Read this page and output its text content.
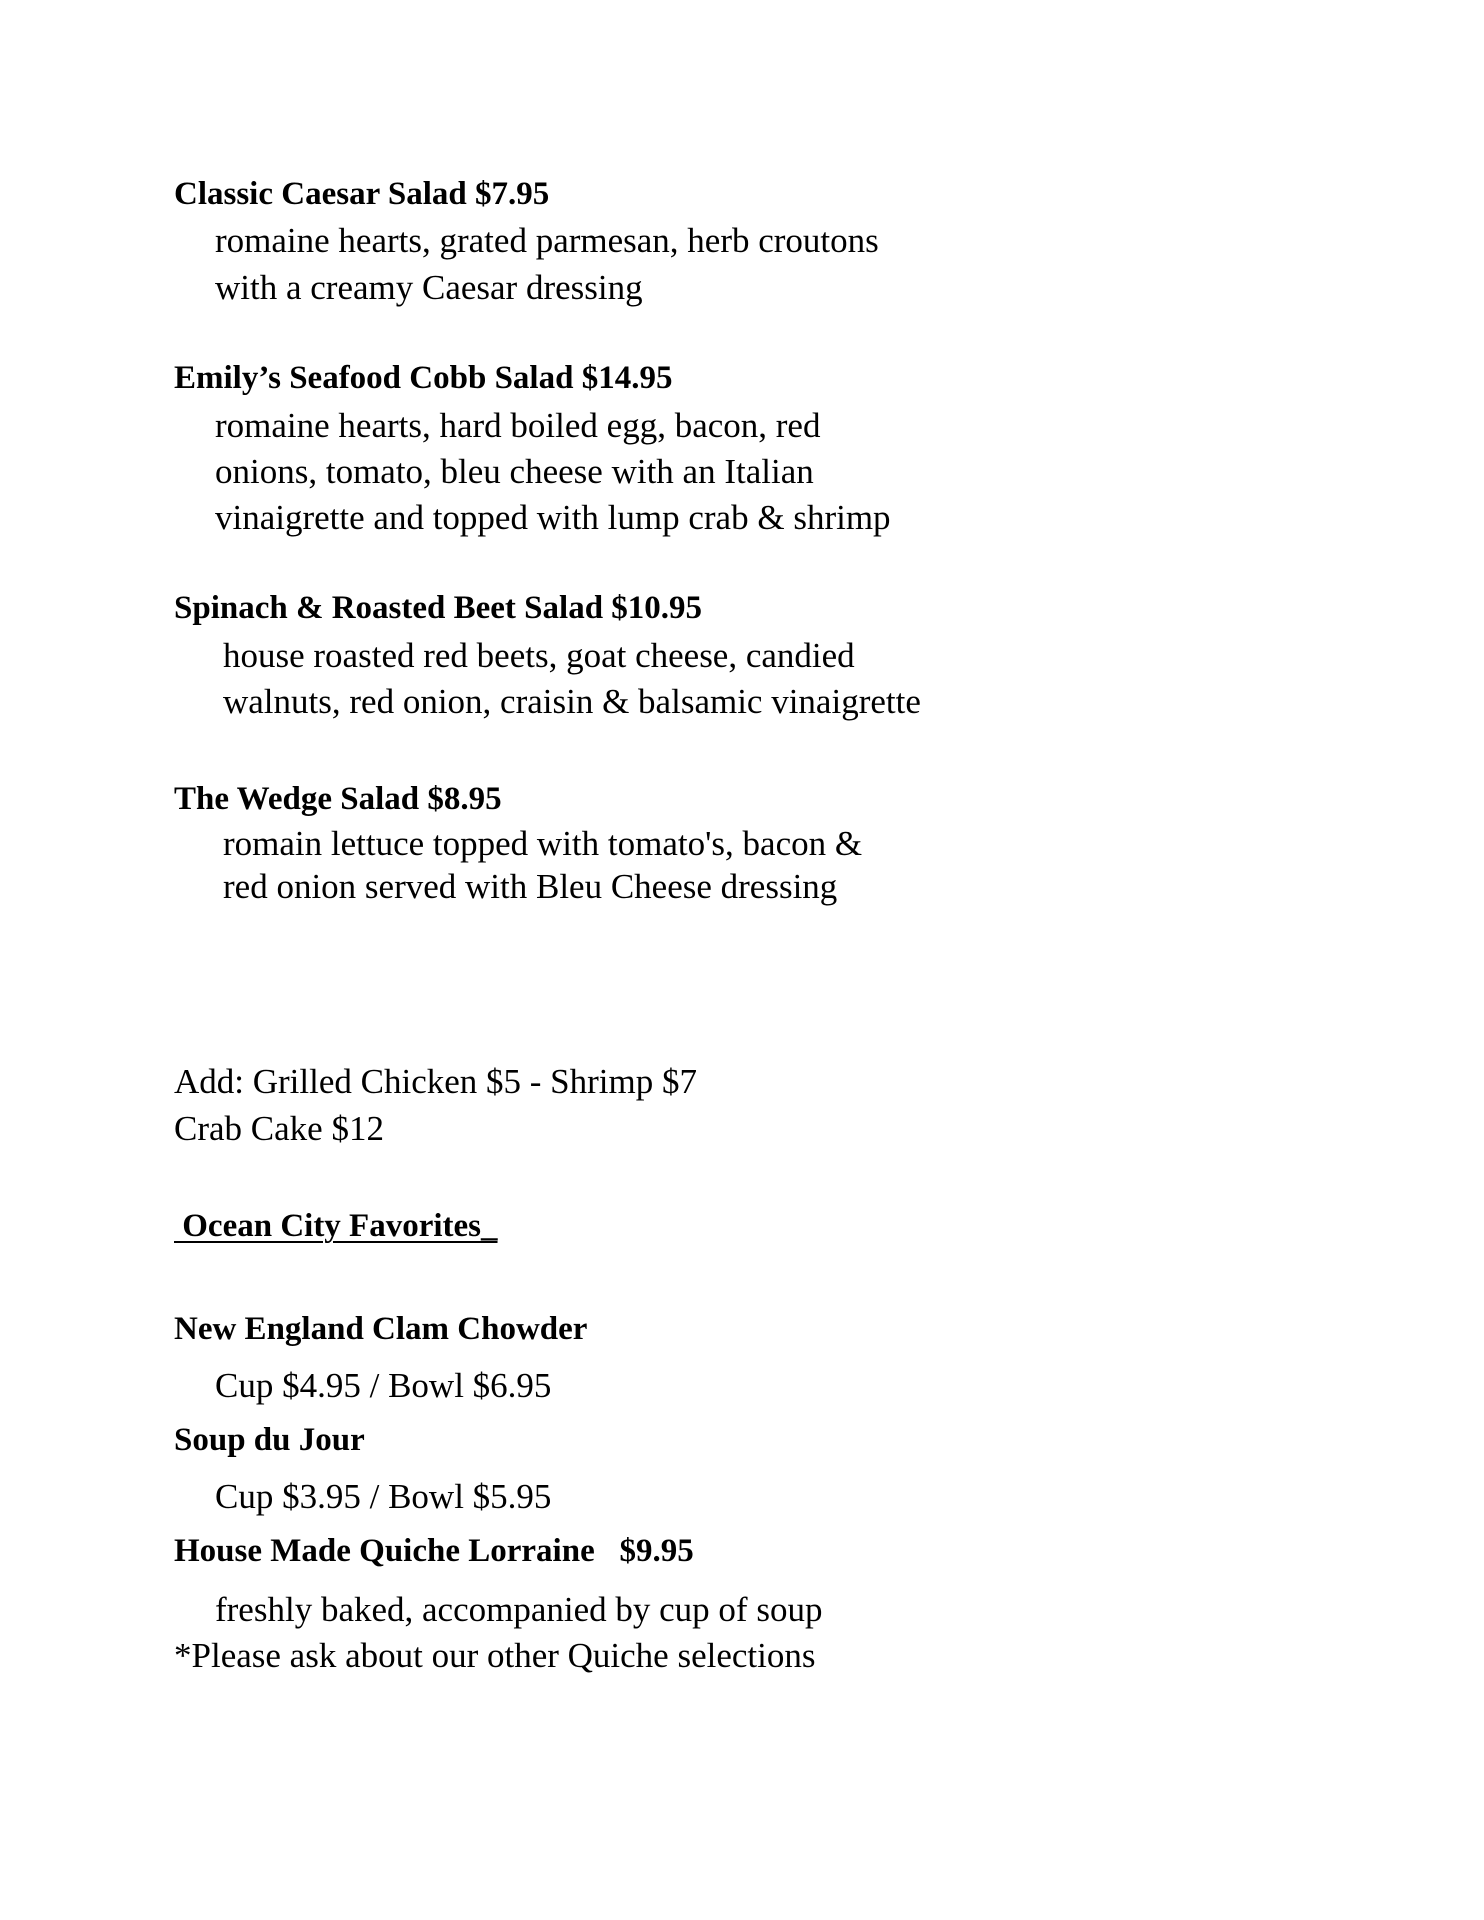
Classic Caesar Salad $7.95
romaine hearts, grated parmesan, herb croutons
with a creamy Caesar dressing
Emily’s Seafood Cobb Salad $14.95
romaine hearts, hard boiled egg, bacon, red
onions, tomato, bleu cheese with an Italian
vinaigrette and topped with lump crab & shrimp
Spinach & Roasted Beet Salad $10.95
house roasted red beets, goat cheese, candied
walnuts, red onion, craisin & balsamic vinaigrette
The Wedge Salad $8.95
romain lettuce topped with tomato's, bacon &
red onion served with Bleu Cheese dressing
Add: Grilled Chicken $5 - Shrimp $7
Crab Cake $12
Ocean City Favorites_
New England Clam Chowder
Cup $4.95 / Bowl $6.95
Soup du Jour
Cup $3.95 / Bowl $5.95
House Made Quiche Lorraine   $9.95
freshly baked, accompanied by cup of soup
*Please ask about our other Quiche selections
